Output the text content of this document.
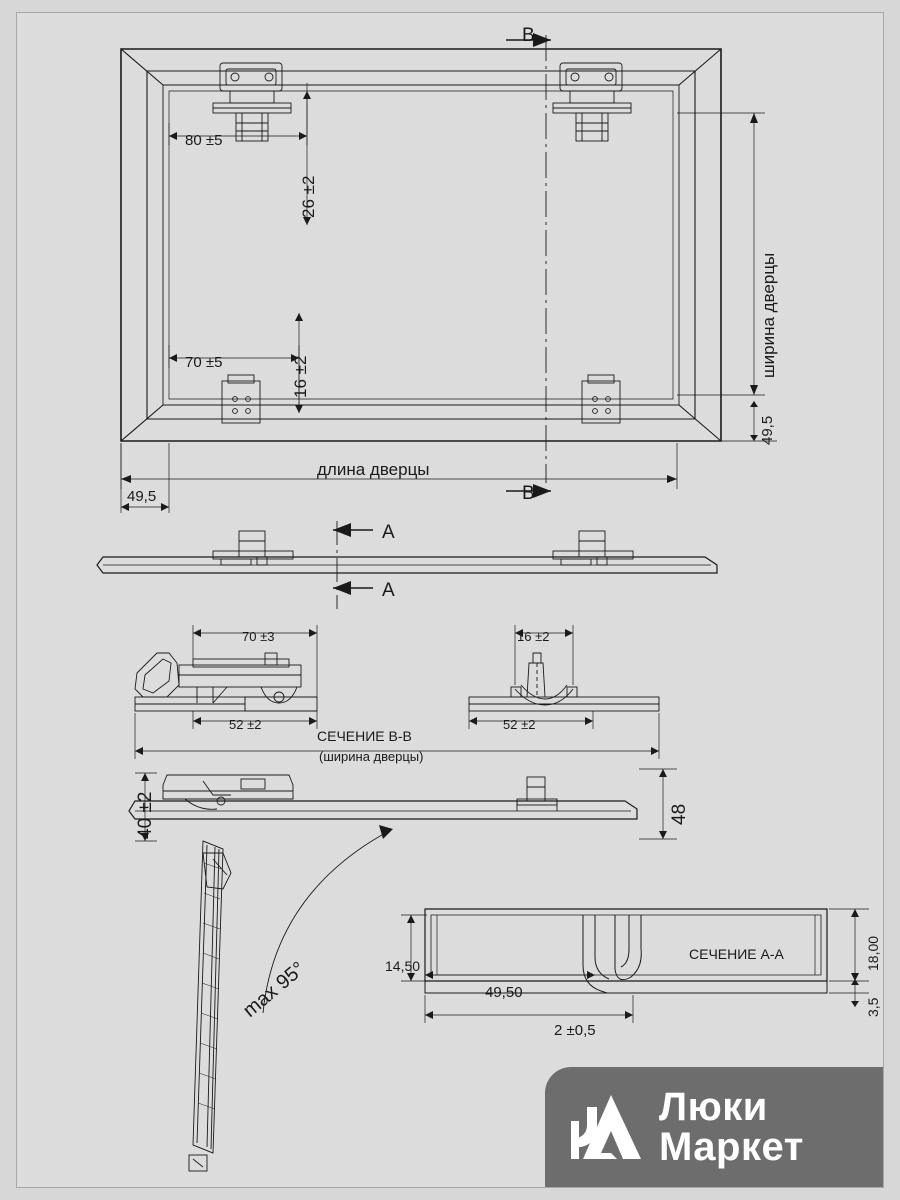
80 ±5
70 ±5
B
B
A
A
длина дверцы
49,5
70 ±3	16 ±2
52 ±2	52 ±2
СЕЧЕНИЕ B-B
(ширина дверцы)
14,50
49,50
2 ±0,5
СЕЧЕНИЕ A-A
26 ±2
16 ±2	ширина дверцы
49,5
40 ±2	48
max 95°
18,00
3,5
Люки
Маркет
